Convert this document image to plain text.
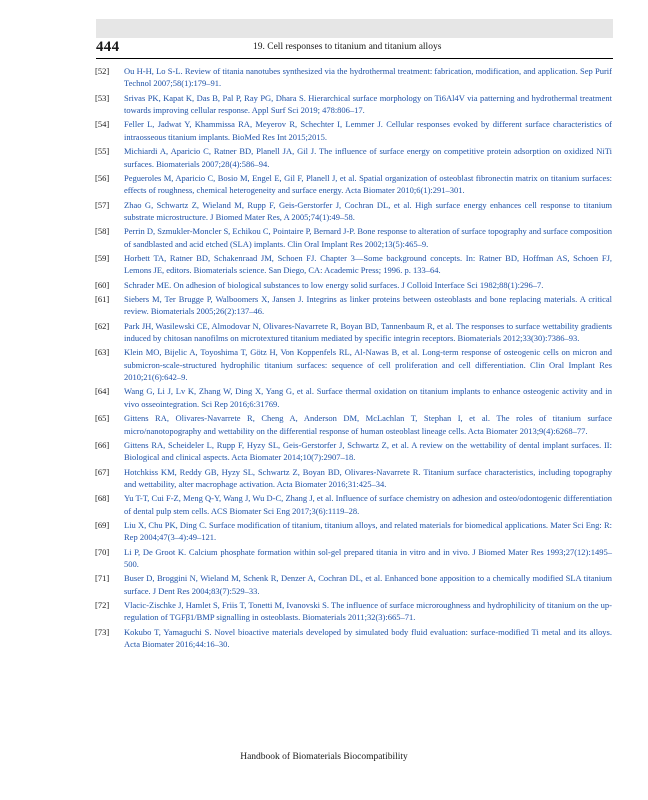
444	19. Cell responses to titanium and titanium alloys
[52] Ou H-H, Lo S-L. Review of titania nanotubes synthesized via the hydrothermal treatment: fabrication, modification, and application. Sep Purif Technol 2007;58(1):179–91.
[53] Srivas PK, Kapat K, Das B, Pal P, Ray PG, Dhara S. Hierarchical surface morphology on Ti6Al4V via patterning and hydrothermal treatment towards improving cellular response. Appl Surf Sci 2019; 478:806–17.
[54] Feller L, Jadwat Y, Khammissa RA, Meyerov R, Schechter I, Lemmer J. Cellular responses evoked by different surface characteristics of intraosseous titanium implants. BioMed Res Int 2015;2015.
[55] Michiardi A, Aparicio C, Ratner BD, Planell JA, Gil J. The influence of surface energy on competitive protein adsorption on oxidized NiTi surfaces. Biomaterials 2007;28(4):586–94.
[56] Pegueroles M, Aparicio C, Bosio M, Engel E, Gil F, Planell J, et al. Spatial organization of osteoblast fibronectin matrix on titanium surfaces: effects of roughness, chemical heterogeneity and surface energy. Acta Biomater 2010;6(1):291–301.
[57] Zhao G, Schwartz Z, Wieland M, Rupp F, Geis-Gerstorfer J, Cochran DL, et al. High surface energy enhances cell response to titanium substrate microstructure. J Biomed Mater Res, A 2005;74(1):49–58.
[58] Perrin D, Szmukler-Moncler S, Echikou C, Pointaire P, Bernard J-P. Bone response to alteration of surface topography and surface composition of sandblasted and acid etched (SLA) implants. Clin Oral Implant Res 2002;13(5):465–9.
[59] Horbett TA, Ratner BD, Schakenraad JM, Schoen FJ. Chapter 3—Some background concepts. In: Ratner BD, Hoffman AS, Schoen FJ, Lemons JE, editors. Biomaterials science. San Diego, CA: Academic Press; 1996. p. 133–64.
[60] Schrader ME. On adhesion of biological substances to low energy solid surfaces. J Colloid Interface Sci 1982;88(1):296–7.
[61] Siebers M, Ter Brugge P, Walboomers X, Jansen J. Integrins as linker proteins between osteoblasts and bone replacing materials. A critical review. Biomaterials 2005;26(2):137–46.
[62] Park JH, Wasilewski CE, Almodovar N, Olivares-Navarrete R, Boyan BD, Tannenbaum R, et al. The responses to surface wettability gradients induced by chitosan nanofilms on microtextured titanium mediated by specific integrin receptors. Biomaterials 2012;33(30):7386–93.
[63] Klein MO, Bijelic A, Toyoshima T, Götz H, Von Koppenfels RL, Al-Nawas B, et al. Long-term response of osteogenic cells on micron and submicron-scale-structured hydrophilic titanium surfaces: sequence of cell proliferation and cell differentiation. Clin Oral Implant Res 2010;21(6):642–9.
[64] Wang G, Li J, Lv K, Zhang W, Ding X, Yang G, et al. Surface thermal oxidation on titanium implants to enhance osteogenic activity and in vivo osseointegration. Sci Rep 2016;6:31769.
[65] Gittens RA, Olivares-Navarrete R, Cheng A, Anderson DM, McLachlan T, Stephan I, et al. The roles of titanium surface micro/nanotopography and wettability on the differential response of human osteoblast lineage cells. Acta Biomater 2013;9(4):6268–77.
[66] Gittens RA, Scheideler L, Rupp F, Hyzy SL, Geis-Gerstorfer J, Schwartz Z, et al. A review on the wettability of dental implant surfaces. II: Biological and clinical aspects. Acta Biomater 2014;10(7):2907–18.
[67] Hotchkiss KM, Reddy GB, Hyzy SL, Schwartz Z, Boyan BD, Olivares-Navarrete R. Titanium surface characteristics, including topography and wettability, alter macrophage activation. Acta Biomater 2016;31:425–34.
[68] Yu T-T, Cui F-Z, Meng Q-Y, Wang J, Wu D-C, Zhang J, et al. Influence of surface chemistry on adhesion and osteo/odontogenic differentiation of dental pulp stem cells. ACS Biomater Sci Eng 2017;3(6):1119–28.
[69] Liu X, Chu PK, Ding C. Surface modification of titanium, titanium alloys, and related materials for biomedical applications. Mater Sci Eng: R: Rep 2004;47(3–4):49–121.
[70] Li P, De Groot K. Calcium phosphate formation within sol-gel prepared titania in vitro and in vivo. J Biomed Mater Res 1993;27(12):1495–500.
[71] Buser D, Broggini N, Wieland M, Schenk R, Denzer A, Cochran DL, et al. Enhanced bone apposition to a chemically modified SLA titanium surface. J Dent Res 2004;83(7):529–33.
[72] Vlacic-Zischke J, Hamlet S, Friis T, Tonetti M, Ivanovski S. The influence of surface microroughness and hydrophilicity of titanium on the up-regulation of TGFβ1/BMP signalling in osteoblasts. Biomaterials 2011;32(3):665–71.
[73] Kokubo T, Yamaguchi S. Novel bioactive materials developed by simulated body fluid evaluation: surface-modified Ti metal and its alloys. Acta Biomater 2016;44:16–30.
Handbook of Biomaterials Biocompatibility
